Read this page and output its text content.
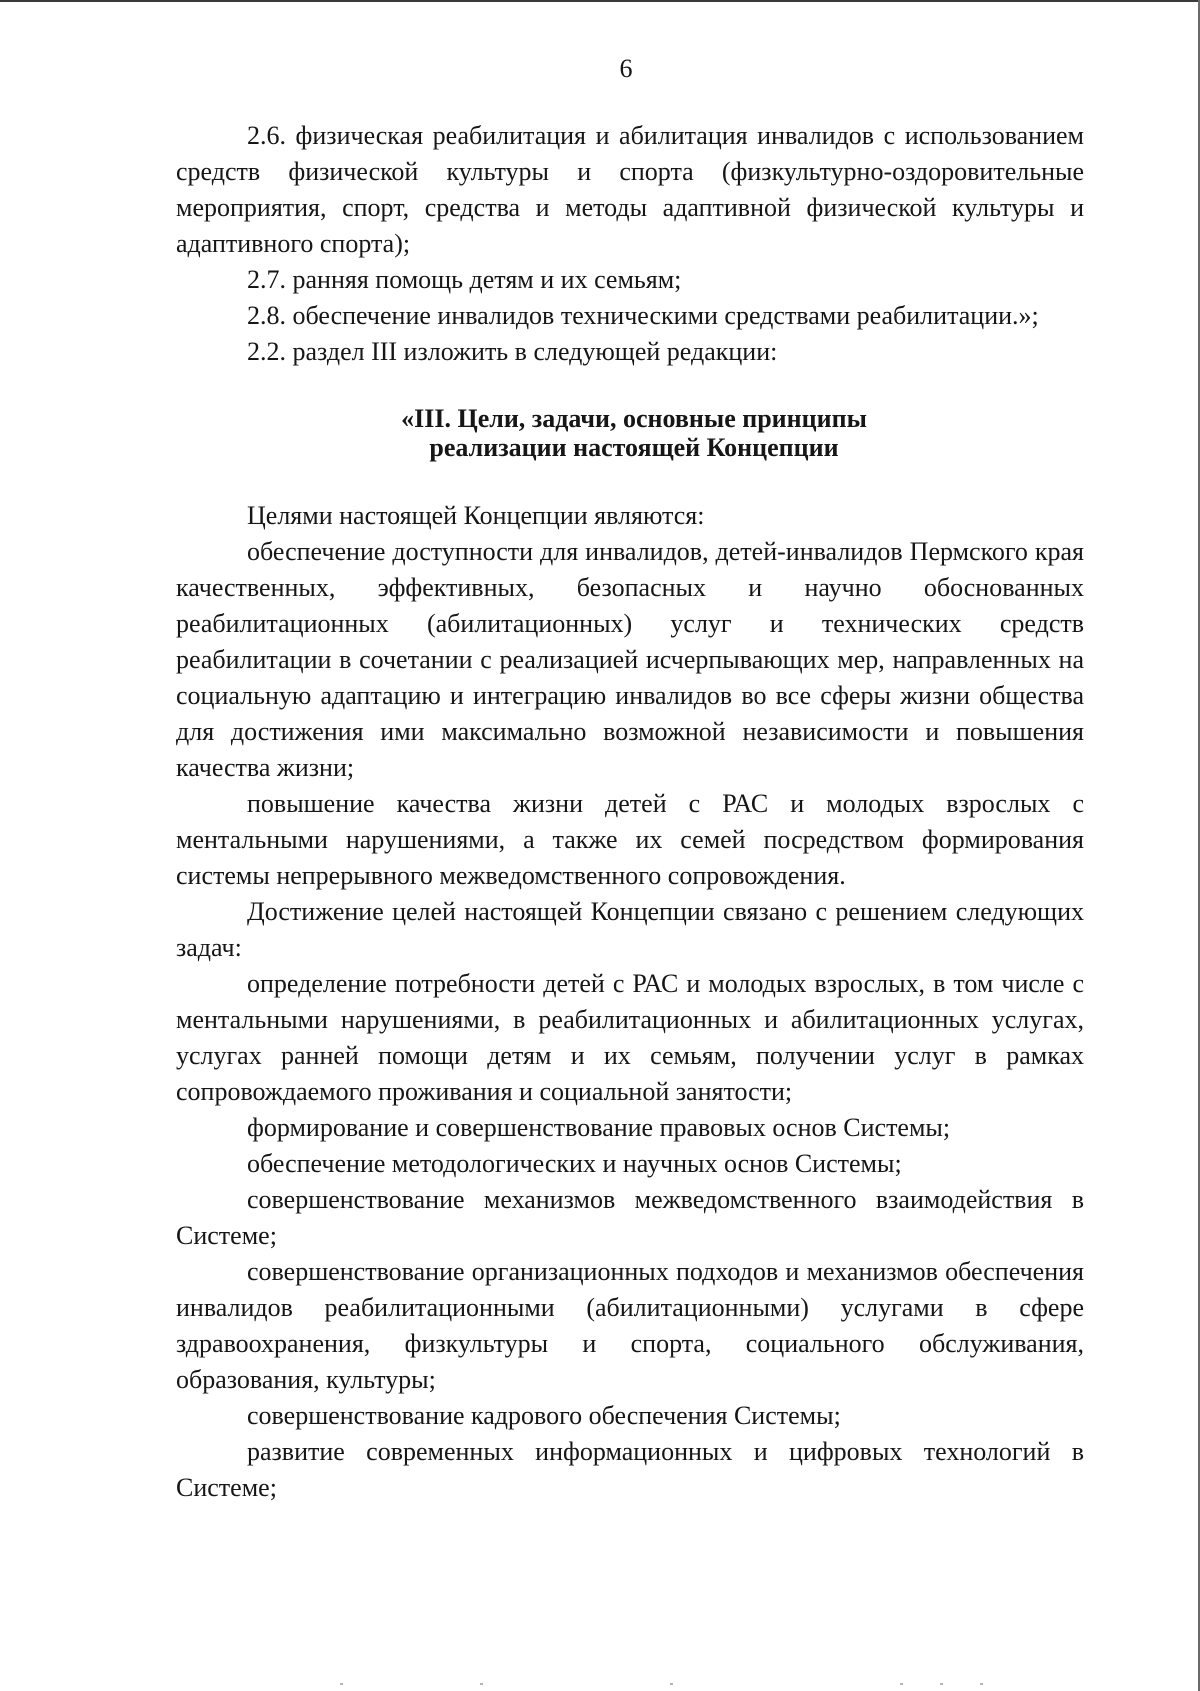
6

2.6. физическая реабилитация и абилитация инвалидов с использованием средств физической культуры и спорта (физкультурно-оздоровительные мероприятия, спорт, средства и методы адаптивной физической культуры и адаптивного спорта);

2.7. ранняя помощь детям и их семьям;

2.8. обеспечение инвалидов техническими средствами реабилитации.»;

2.2. раздел III изложить в следующей редакции:

«III. Цели, задачи, основные принципы
реализации настоящей Концепции

Целями настоящей Концепции являются:

обеспечение доступности для инвалидов, детей-инвалидов Пермского края качественных, эффективных, безопасных и научно обоснованных реабилитационных (абилитационных) услуг и технических средств реабилитации в сочетании с реализацией исчерпывающих мер, направленных на социальную адаптацию и интеграцию инвалидов во все сферы жизни общества для достижения ими максимально возможной независимости и повышения качества жизни;

повышение качества жизни детей с РАС и молодых взрослых с ментальными нарушениями, а также их семей посредством формирования системы непрерывного межведомственного сопровождения.

Достижение целей настоящей Концепции связано с решением следующих задач:

определение потребности детей с РАС и молодых взрослых, в том числе с ментальными нарушениями, в реабилитационных и абилитационных услугах, услугах ранней помощи детям и их семьям, получении услуг в рамках сопровождаемого проживания и социальной занятости;

формирование и совершенствование правовых основ Системы;

обеспечение методологических и научных основ Системы;

совершенствование механизмов межведомственного взаимодействия в Системе;

совершенствование организационных подходов и механизмов обеспечения инвалидов реабилитационными (абилитационными) услугами в сфере здравоохранения, физкультуры и спорта, социального обслуживания, образования, культуры;

совершенствование кадрового обеспечения Системы;

развитие современных информационных и цифровых технологий в Системе;
